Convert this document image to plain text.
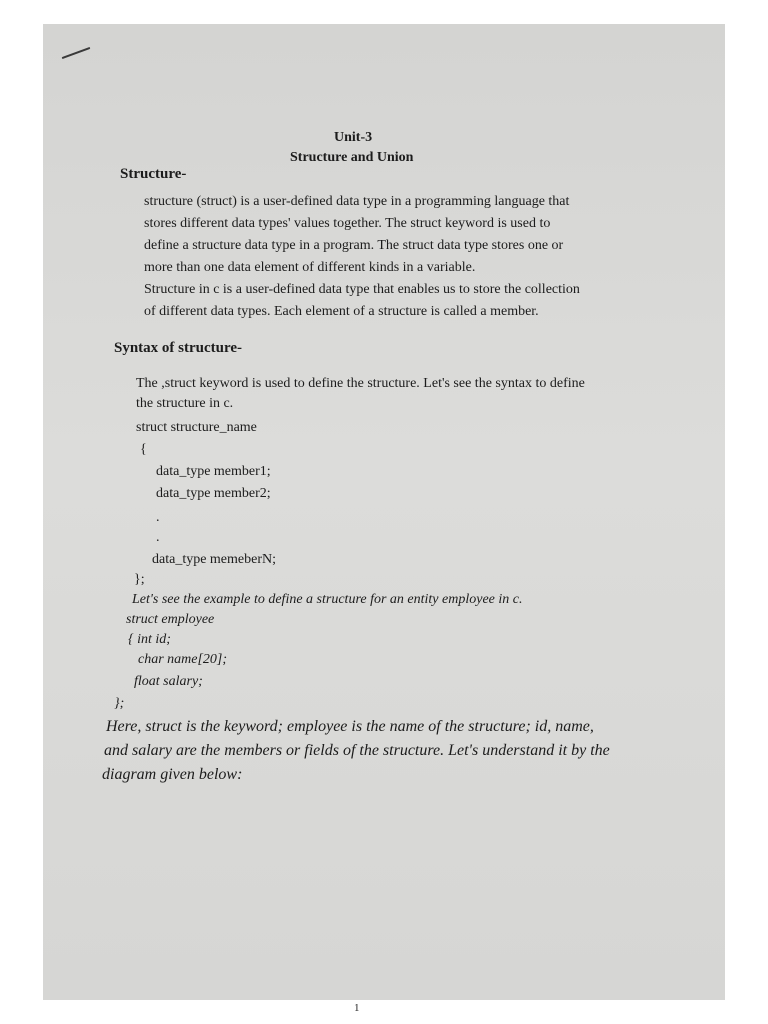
Unit-3
Structure and Union
Structure-
structure (struct) is a user-defined data type in a programming language that
stores different data types' values together. The struct keyword is used to
define a structure data type in a program. The struct data type stores one or
more than one data element of different kinds in a variable.
Structure in c is a user-defined data type that enables us to store the collection
of different data types. Each element of a structure is called a member.
Syntax of structure-
The ,struct keyword is used to define the structure. Let's see the syntax to define
the structure in c.
struct structure_name
{
data_type member1;
data_type member2;
.
.
data_type memeberN;
};
Let's see the example to define a structure for an entity employee in c.
struct employee
{ int id;
char name[20];
float salary;
};
Here, struct is the keyword; employee is the name of the structure; id, name,
and salary are the members or fields of the structure. Let's understand it by the
diagram given below:
1
